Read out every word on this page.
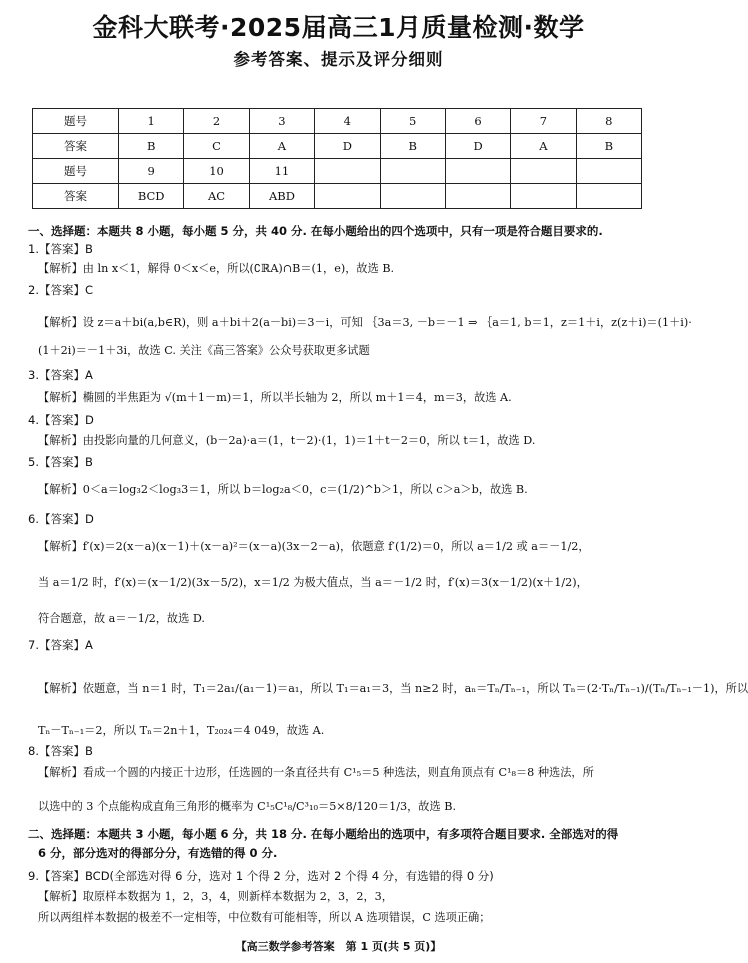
金科大联考·2025届高三1月质量检测·数学
参考答案、提示及评分细则
题号	1	2	3	4	5	6	7	8
答案	B	C	A	D	B	D	A	B
题号	9	10	11					
答案	BCD	AC	ABD					
一、选择题：本题共 8 小题，每小题 5 分，共 40 分. 在每小题给出的四个选项中，只有一项是符合题目要求的.
1.【答案】B
【解析】由 ln x＜1，解得 0＜x＜e，所以(∁ℝA)∩B＝(1，e)，故选 B.
2.【答案】C
【解析】设 z＝a＋bi(a,b∈R)，则 a＋bi＋2(a－bi)＝3－i，可知 ｛3a＝3, －b＝－1 ⇒ ｛a＝1, b＝1，z＝1＋i，z(z＋i)＝(1＋i)·
(1＋2i)＝－1＋3i，故选 C. 关注《高三答案》公众号获取更多试题
3.【答案】A
【解析】椭圆的半焦距为 √(m＋1－m)＝1，所以半长轴为 2，所以 m＋1＝4，m＝3，故选 A.
4.【答案】D
【解析】由投影向量的几何意义，(b－2a)·a＝(1，t－2)·(1，1)＝1＋t－2＝0，所以 t＝1，故选 D.
5.【答案】B
【解析】0＜a＝log₃2＜log₃3＝1，所以 b＝log₂a＜0，c＝(1/2)^b＞1，所以 c＞a＞b，故选 B.
6.【答案】D
【解析】f′(x)＝2(x－a)(x－1)＋(x－a)²＝(x－a)(3x－2－a)，依题意 f′(1/2)＝0，所以 a＝1/2 或 a＝－1/2，
当 a＝1/2 时，f′(x)＝(x－1/2)(3x－5/2)，x＝1/2 为极大值点，当 a＝－1/2 时，f′(x)＝3(x－1/2)(x＋1/2)，
符合题意，故 a＝－1/2，故选 D.
7.【答案】A
【解析】依题意，当 n＝1 时，T₁＝2a₁/(a₁－1)＝a₁，所以 T₁＝a₁＝3，当 n≥2 时，aₙ＝Tₙ/Tₙ₋₁，所以 Tₙ＝(2·Tₙ/Tₙ₋₁)/(Tₙ/Tₙ₋₁－1)，所以
Tₙ－Tₙ₋₁＝2，所以 Tₙ＝2n＋1，T₂₀₂₄＝4 049，故选 A.
8.【答案】B
【解析】看成一个圆的内接正十边形，任选圆的一条直径共有 C¹₅＝5 种选法，则直角顶点有 C¹₈＝8 种选法，所
以选中的 3 个点能构成直角三角形的概率为 C¹₅C¹₈/C³₁₀＝5×8/120＝1/3，故选 B.
二、选择题：本题共 3 小题，每小题 6 分，共 18 分. 在每小题给出的选项中，有多项符合题目要求. 全部选对的得
6 分，部分选对的得部分分，有选错的得 0 分.
9.【答案】BCD(全部选对得 6 分，选对 1 个得 2 分，选对 2 个得 4 分，有选错的得 0 分)
【解析】取原样本数据为 1，2，3，4，则新样本数据为 2，3，2，3，
所以两组样本数据的极差不一定相等，中位数有可能相等，所以 A 选项错误，C 选项正确；
【高三数学参考答案　第 1 页(共 5 页)】
